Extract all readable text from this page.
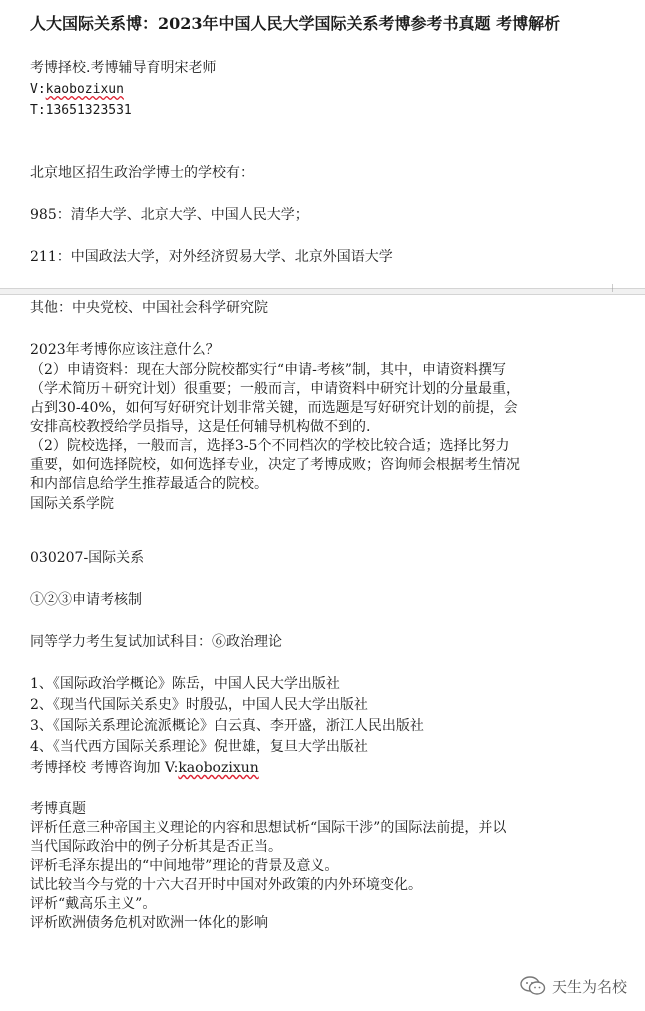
人大国际关系博：2023年中国人民大学国际关系考博参考书真题 考博解析
考博择校.考博辅导育明宋老师
V:kaobozixun
T:13651323531
北京地区招生政治学博士的学校有：
985：清华大学、北京大学、中国人民大学；
211：中国政法大学，对外经济贸易大学、北京外国语大学
其他：中央党校、中国社会科学研究院
2023年考博你应该注意什么？
（2）申请资料：现在大部分院校都实行“申请-考核”制，其中，申请资料撰写
（学术简历＋研究计划）很重要；一般而言，申请资料中研究计划的分量最重，
占到30-40%，如何写好研究计划非常关键，而选题是写好研究计划的前提，会
安排高校教授给学员指导，这是任何辅导机构做不到的.
（2）院校选择，一般而言，选择3-5个不同档次的学校比较合适；选择比努力
重要，如何选择院校，如何选择专业，决定了考博成败；咨询师会根据考生情况
和内部信息给学生推荐最适合的院校。
国际关系学院
030207-国际关系
①②③申请考核制
同等学力考生复试加试科目：⑥政治理论
1、《国际政治学概论》陈岳，中国人民大学出版社
2、《现当代国际关系史》时殷弘，中国人民大学出版社
3、《国际关系理论流派概论》白云真、李开盛，浙江人民出版社
4、《当代西方国际关系理论》倪世雄，复旦大学出版社
考博择校 考博咨询加 V:kaobozixun
考博真题
评析任意三种帝国主义理论的内容和思想试析“国际干涉”的国际法前提，并以
当代国际政治中的例子分析其是否正当。
评析毛泽东提出的“中间地带”理论的背景及意义。
试比较当今与党的十六大召开时中国对外政策的内外环境变化。
评析“戴高乐主义”。
评析欧洲债务危机对欧洲一体化的影响
天生为名校
